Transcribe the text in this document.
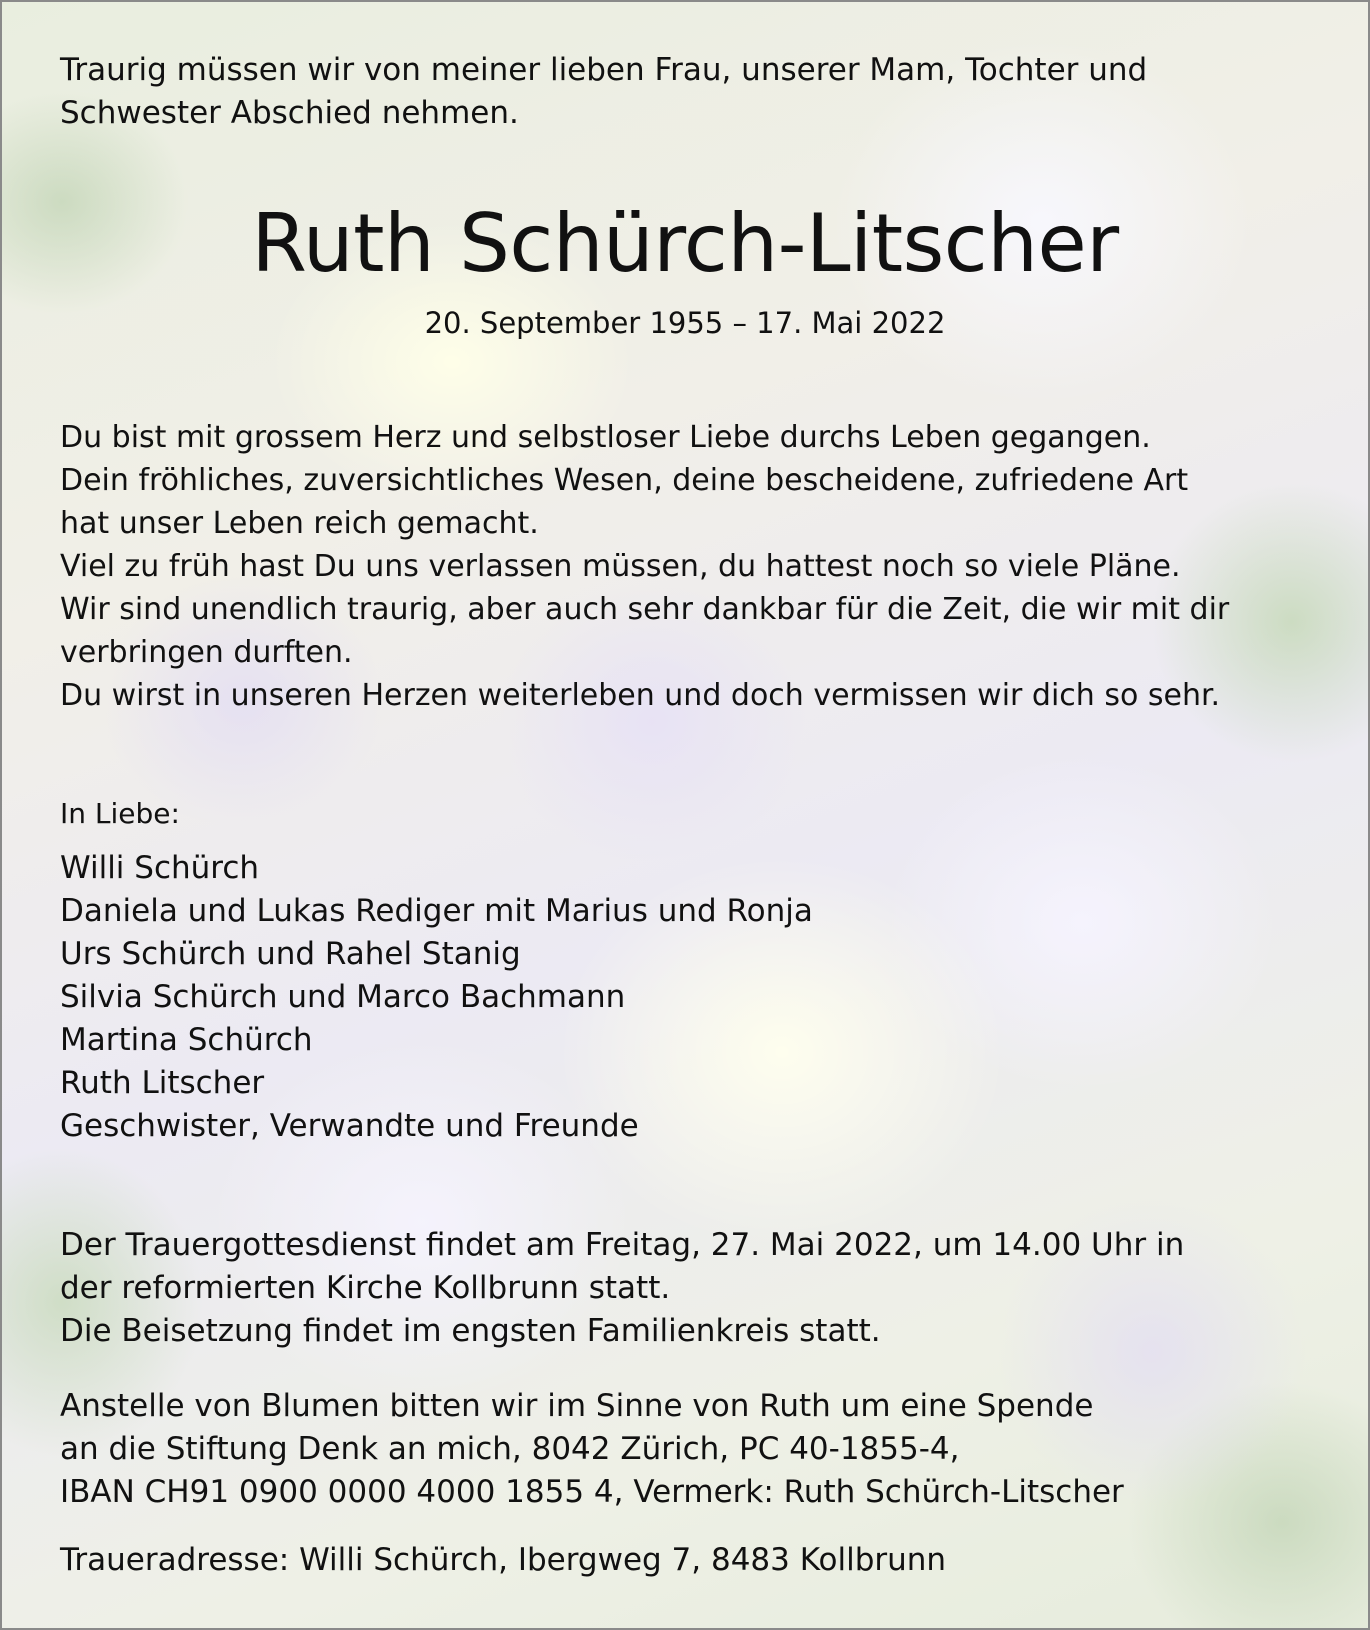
Traurig müssen wir von meiner lieben Frau, unserer Mam, Tochter und
Schwester Abschied nehmen.
Ruth Schürch-Litscher
20. September 1955 – 17. Mai 2022
Du bist mit grossem Herz und selbstloser Liebe durchs Leben gegangen.
Dein fröhliches, zuversichtliches Wesen, deine bescheidene, zufriedene Art
hat unser Leben reich gemacht.
Viel zu früh hast Du uns verlassen müssen, du hattest noch so viele Pläne.
Wir sind unendlich traurig, aber auch sehr dankbar für die Zeit, die wir mit dir
verbringen durften.
Du wirst in unseren Herzen weiterleben und doch vermissen wir dich so sehr.
In Liebe:
Willi Schürch
Daniela und Lukas Rediger mit Marius und Ronja
Urs Schürch und Rahel Stanig
Silvia Schürch und Marco Bachmann
Martina Schürch
Ruth Litscher
Geschwister, Verwandte und Freunde
Der Trauergottesdienst findet am Freitag, 27. Mai 2022, um 14.00 Uhr in
der reformierten Kirche Kollbrunn statt.
Die Beisetzung findet im engsten Familienkreis statt.
Anstelle von Blumen bitten wir im Sinne von Ruth um eine Spende
an die Stiftung Denk an mich, 8042 Zürich, PC 40-1855-4,
IBAN CH91 0900 0000 4000 1855 4, Vermerk: Ruth Schürch-Litscher
Traueradresse: Willi Schürch, Ibergweg 7, 8483 Kollbrunn
